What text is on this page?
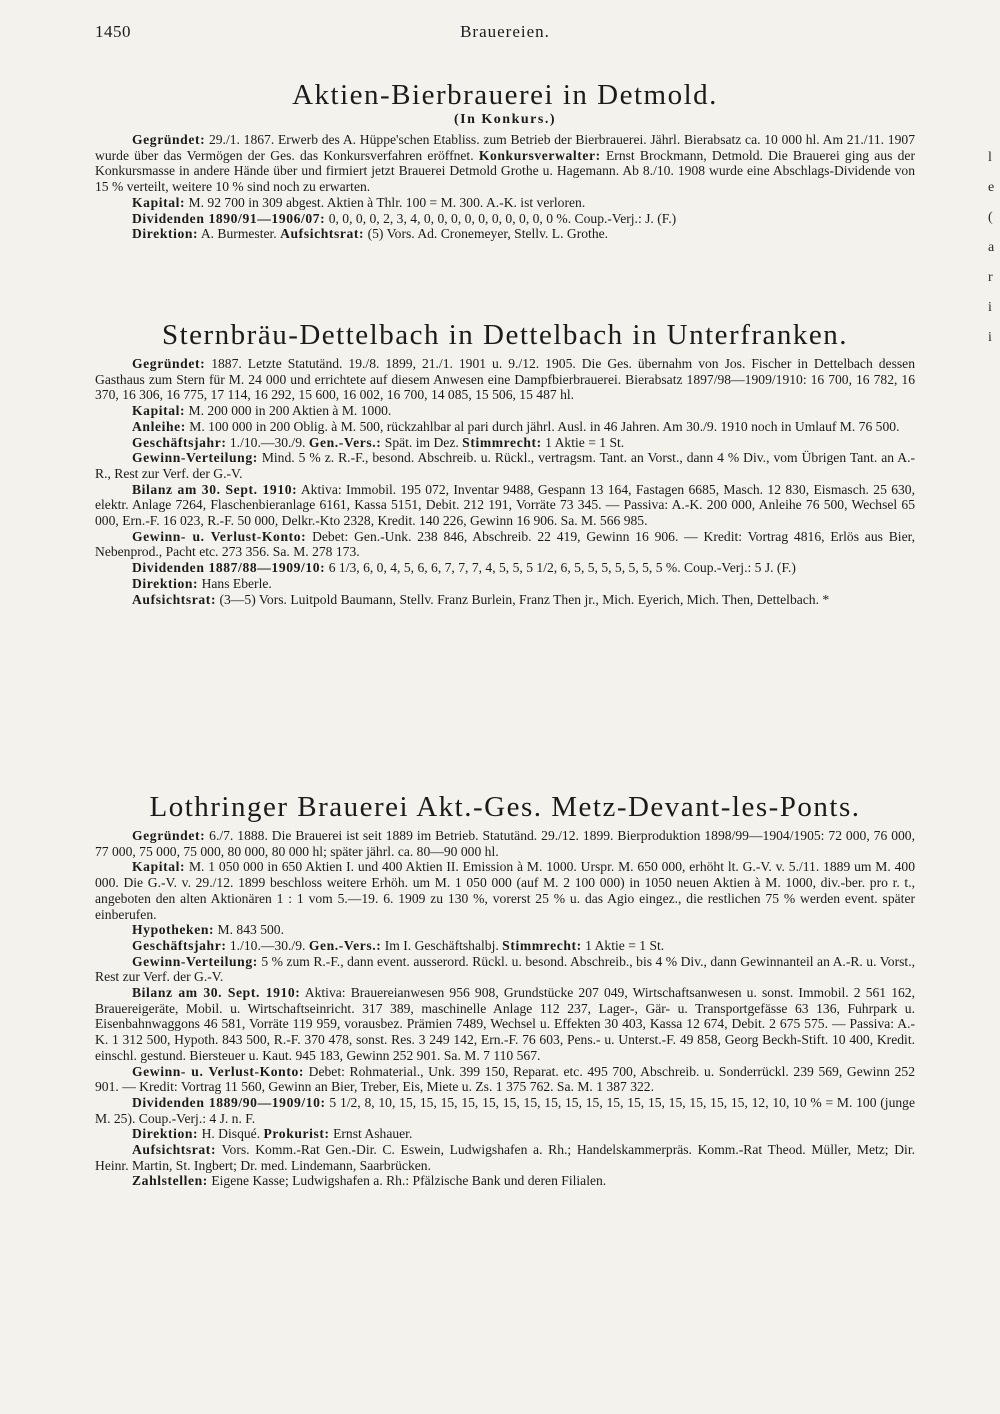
1450	Brauereien.
l
e
(
a
r
i
i
Aktien-Bierbrauerei in Detmold.
(In Konkurs.)

Gegründet: 29./1. 1867. Erwerb des A. Hüppe'schen Etabliss. zum Betrieb der Bierbrauerei. Jährl. Bierabsatz ca. 10 000 hl. Am 21./11. 1907 wurde über das Vermögen der Ges. das Konkursverfahren eröffnet. Konkursverwalter: Ernst Brockmann, Detmold. Die Brauerei ging aus der Konkursmasse in andere Hände über und firmiert jetzt Brauerei Detmold Grothe u. Hagemann. Ab 8./10. 1908 wurde eine Abschlags-Dividende von 15 % verteilt, weitere 10 % sind noch zu erwarten.

Kapital: M. 92 700 in 309 abgest. Aktien à Thlr. 100 = M. 300. A.-K. ist verloren.

Dividenden 1890/91—1906/07: 0, 0, 0, 0, 2, 3, 4, 0, 0, 0, 0, 0, 0, 0, 0, 0, 0 %. Coup.-Verj.: J. (F.)

Direktion: A. Burmester. Aufsichtsrat: (5) Vors. Ad. Cronemeyer, Stellv. L. Grothe.

Sternbräu-Dettelbach in Dettelbach in Unterfranken.

Gegründet: 1887. Letzte Statutänd. 19./8. 1899, 21./1. 1901 u. 9./12. 1905. Die Ges. übernahm von Jos. Fischer in Dettelbach dessen Gasthaus zum Stern für M. 24 000 und errichtete auf diesem Anwesen eine Dampfbierbrauerei. Bierabsatz 1897/98—1909/1910: 16 700, 16 782, 16 370, 16 306, 16 775, 17 114, 16 292, 15 600, 16 002, 16 700, 14 085, 15 506, 15 487 hl.

Kapital: M. 200 000 in 200 Aktien à M. 1000.

Anleihe: M. 100 000 in 200 Oblig. à M. 500, rückzahlbar al pari durch jährl. Ausl. in 46 Jahren. Am 30./9. 1910 noch in Umlauf M. 76 500.

Geschäftsjahr: 1./10.—30./9. Gen.-Vers.: Spät. im Dez. Stimmrecht: 1 Aktie = 1 St.

Gewinn-Verteilung: Mind. 5 % z. R.-F., besond. Abschreib. u. Rückl., vertragsm. Tant. an Vorst., dann 4 % Div., vom Übrigen Tant. an A.-R., Rest zur Verf. der G.-V.

Bilanz am 30. Sept. 1910: Aktiva: Immobil. 195 072, Inventar 9488, Gespann 13 164, Fastagen 6685, Masch. 12 830, Eismasch. 25 630, elektr. Anlage 7264, Flaschenbieranlage 6161, Kassa 5151, Debit. 212 191, Vorräte 73 345. — Passiva: A.-K. 200 000, Anleihe 76 500, Wechsel 65 000, Ern.-F. 16 023, R.-F. 50 000, Delkr.-Kto 2328, Kredit. 140 226, Gewinn 16 906. Sa. M. 566 985.

Gewinn- u. Verlust-Konto: Debet: Gen.-Unk. 238 846, Abschreib. 22 419, Gewinn 16 906. — Kredit: Vortrag 4816, Erlös aus Bier, Nebenprod., Pacht etc. 273 356. Sa. M. 278 173.

Dividenden 1887/88—1909/10: 6 1/3, 6, 0, 4, 5, 6, 6, 7, 7, 7, 4, 5, 5, 5 1/2, 6, 5, 5, 5, 5, 5, 5, 5 %. Coup.-Verj.: 5 J. (F.)

Direktion: Hans Eberle.

Aufsichtsrat: (3—5) Vors. Luitpold Baumann, Stellv. Franz Burlein, Franz Then jr., Mich. Eyerich, Mich. Then, Dettelbach. *

Lothringer Brauerei Akt.-Ges. Metz-Devant-les-Ponts.

Gegründet: 6./7. 1888. Die Brauerei ist seit 1889 im Betrieb. Statutänd. 29./12. 1899. Bierproduktion 1898/99—1904/1905: 72 000, 76 000, 77 000, 75 000, 75 000, 80 000, 80 000 hl; später jährl. ca. 80—90 000 hl.

Kapital: M. 1 050 000 in 650 Aktien I. und 400 Aktien II. Emission à M. 1000. Urspr. M. 650 000, erhöht lt. G.-V. v. 5./11. 1889 um M. 400 000. Die G.-V. v. 29./12. 1899 beschloss weitere Erhöh. um M. 1 050 000 (auf M. 2 100 000) in 1050 neuen Aktien à M. 1000, div.-ber. pro r. t., angeboten den alten Aktionären 1 : 1 vom 5.—19. 6. 1909 zu 130 %, vorerst 25 % u. das Agio eingez., die restlichen 75 % werden event. später einberufen.

Hypotheken: M. 843 500.

Geschäftsjahr: 1./10.—30./9. Gen.-Vers.: Im I. Geschäftshalbj. Stimmrecht: 1 Aktie = 1 St.

Gewinn-Verteilung: 5 % zum R.-F., dann event. ausserord. Rückl. u. besond. Abschreib., bis 4 % Div., dann Gewinnanteil an A.-R. u. Vorst., Rest zur Verf. der G.-V.

Bilanz am 30. Sept. 1910: Aktiva: Brauereianwesen 956 908, Grundstücke 207 049, Wirtschaftsanwesen u. sonst. Immobil. 2 561 162, Brauereigeräte, Mobil. u. Wirtschaftseinricht. 317 389, maschinelle Anlage 112 237, Lager-, Gär- u. Transportgefässe 63 136, Fuhrpark u. Eisenbahnwaggons 46 581, Vorräte 119 959, vorausbez. Prämien 7489, Wechsel u. Effekten 30 403, Kassa 12 674, Debit. 2 675 575. — Passiva: A.-K. 1 312 500, Hypoth. 843 500, R.-F. 370 478, sonst. Res. 3 249 142, Ern.-F. 76 603, Pens.- u. Unterst.-F. 49 858, Georg Beckh-Stift. 10 400, Kredit. einschl. gestund. Biersteuer u. Kaut. 945 183, Gewinn 252 901. Sa. M. 7 110 567.

Gewinn- u. Verlust-Konto: Debet: Rohmaterial., Unk. 399 150, Reparat. etc. 495 700, Abschreib. u. Sonderrückl. 239 569, Gewinn 252 901. — Kredit: Vortrag 11 560, Gewinn an Bier, Treber, Eis, Miete u. Zs. 1 375 762. Sa. M. 1 387 322.

Dividenden 1889/90—1909/10: 5 1/2, 8, 10, 15, 15, 15, 15, 15, 15, 15, 15, 15, 15, 15, 15, 15, 15, 15, 15, 15, 12, 10, 10 % = M. 100 (junge M. 25). Coup.-Verj.: 4 J. n. F.

Direktion: H. Disqué. Prokurist: Ernst Ashauer.

Aufsichtsrat: Vors. Komm.-Rat Gen.-Dir. C. Eswein, Ludwigshafen a. Rh.; Handelskammerpräs. Komm.-Rat Theod. Müller, Metz; Dir. Heinr. Martin, St. Ingbert; Dr. med. Lindemann, Saarbrücken.

Zahlstellen: Eigene Kasse; Ludwigshafen a. Rh.: Pfälzische Bank und deren Filialen.
